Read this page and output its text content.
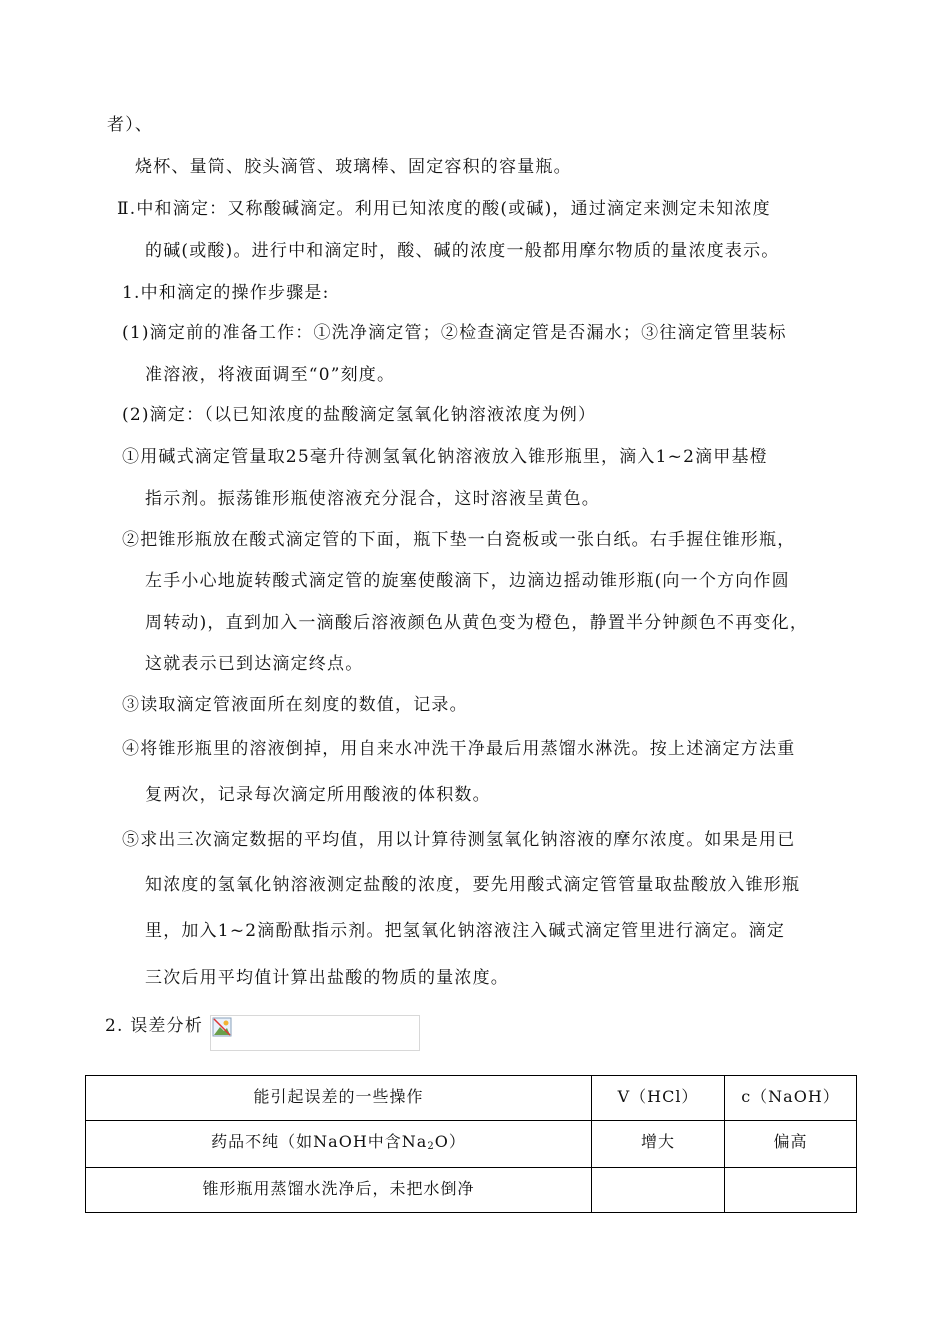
者）、
烧杯、量筒、胶头滴管、玻璃棒、固定容积的容量瓶。
Ⅱ.中和滴定：又称酸碱滴定。利用已知浓度的酸(或碱)，通过滴定来测定未知浓度
的碱(或酸)。进行中和滴定时，酸、碱的浓度一般都用摩尔物质的量浓度表示。
1.中和滴定的操作步骤是:
(1)滴定前的准备工作：①洗净滴定管；②检查滴定管是否漏水；③往滴定管里装标
准溶液，将液面调至“0”刻度。
(2)滴定：（以已知浓度的盐酸滴定氢氧化钠溶液浓度为例）
①用碱式滴定管量取25毫升待测氢氧化钠溶液放入锥形瓶里，滴入1~2滴甲基橙
指示剂。振荡锥形瓶使溶液充分混合，这时溶液呈黄色。
②把锥形瓶放在酸式滴定管的下面，瓶下垫一白瓷板或一张白纸。右手握住锥形瓶，
左手小心地旋转酸式滴定管的旋塞使酸滴下，边滴边摇动锥形瓶(向一个方向作圆
周转动)，直到加入一滴酸后溶液颜色从黄色变为橙色，静置半分钟颜色不再变化，
这就表示已到达滴定终点。
③读取滴定管液面所在刻度的数值，记录。
④将锥形瓶里的溶液倒掉，用自来水冲洗干净最后用蒸馏水淋洗。按上述滴定方法重
复两次，记录每次滴定所用酸液的体积数。
⑤求出三次滴定数据的平均值，用以计算待测氢氧化钠溶液的摩尔浓度。如果是用已
知浓度的氢氧化钠溶液测定盐酸的浓度，要先用酸式滴定管管量取盐酸放入锥形瓶
里，加入1~2滴酚酞指示剂。把氢氧化钠溶液注入碱式滴定管里进行滴定。滴定
三次后用平均值计算出盐酸的物质的量浓度。
2. 误差分析
能引起误差的一些操作	V（HCl）	c（NaOH）
药品不纯（如NaOH中含$Na_2O$）	增大	偏高
锥形瓶用蒸馏水洗净后，未把水倒净		
